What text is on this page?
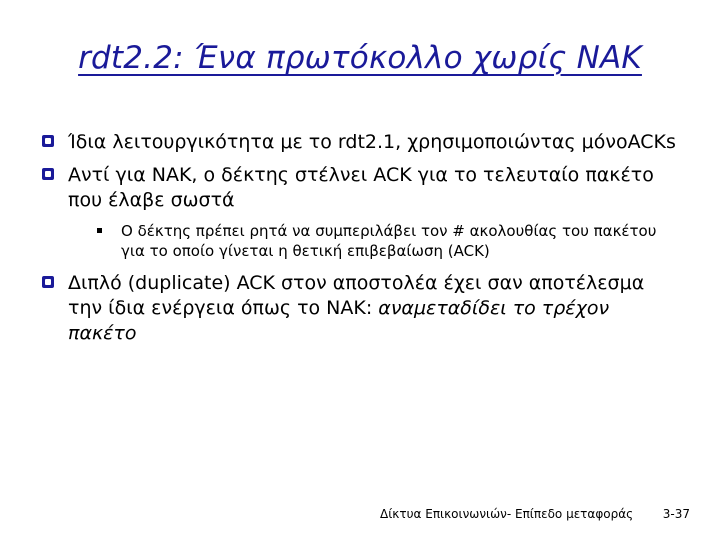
rdt2.2: Ένα πρωτόκολλο χωρίς NAK
Ίδια λειτουργικότητα με το rdt2.1, χρησιμοποιώντας μόνοACKs
Αντί για NAK, ο δέκτης στέλνει ACK για το τελευταίο πακέτο που έλαβε σωστά
Ο δέκτης πρέπει ρητά να συμπεριλάβει τον # ακολουθίας του πακέτου για το οποίο γίνεται η θετική επιβεβαίωση (ACK)
Διπλό (duplicate) ACK στον αποστολέα έχει σαν αποτέλεσμα την ίδια ενέργεια όπως το NAK: αναμεταδίδει το τρέχον πακέτο
Δίκτυα Επικοινωνιών- Επίπεδο μεταφοράς 3-37
